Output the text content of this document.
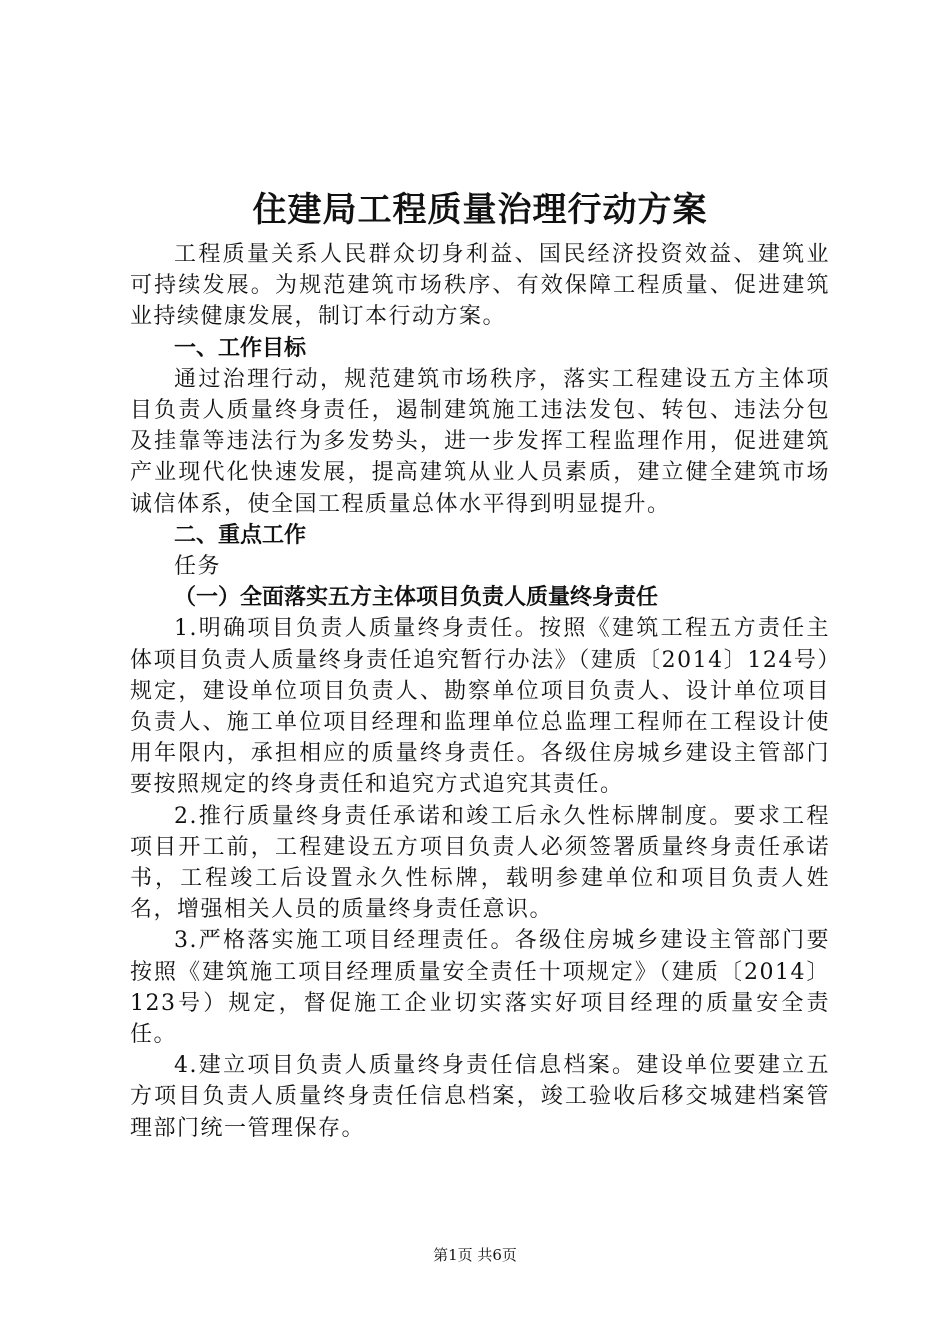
住建局工程质量治理行动方案

工程质量关系人民群众切身利益、国民经济投资效益、建筑业可持续发展。为规范建筑市场秩序、有效保障工程质量、促进建筑业持续健康发展，制订本行动方案。

一、工作目标

通过治理行动，规范建筑市场秩序，落实工程建设五方主体项目负责人质量终身责任，遏制建筑施工违法发包、转包、违法分包及挂靠等违法行为多发势头，进一步发挥工程监理作用，促进建筑产业现代化快速发展，提高建筑从业人员素质，建立健全建筑市场诚信体系，使全国工程质量总体水平得到明显提升。

二、重点工作

任务

（一）全面落实五方主体项目负责人质量终身责任

1.明确项目负责人质量终身责任。按照《建筑工程五方责任主体项目负责人质量终身责任追究暂行办法》（建质〔2014〕124号）规定，建设单位项目负责人、勘察单位项目负责人、设计单位项目负责人、施工单位项目经理和监理单位总监理工程师在工程设计使用年限内，承担相应的质量终身责任。各级住房城乡建设主管部门要按照规定的终身责任和追究方式追究其责任。

2.推行质量终身责任承诺和竣工后永久性标牌制度。要求工程项目开工前，工程建设五方项目负责人必须签署质量终身责任承诺书，工程竣工后设置永久性标牌，载明参建单位和项目负责人姓名，增强相关人员的质量终身责任意识。

3.严格落实施工项目经理责任。各级住房城乡建设主管部门要按照《建筑施工项目经理质量安全责任十项规定》（建质〔2014〕123号）规定，督促施工企业切实落实好项目经理的质量安全责任。

4.建立项目负责人质量终身责任信息档案。建设单位要建立五方项目负责人质量终身责任信息档案，竣工验收后移交城建档案管理部门统一管理保存。

第1页 共6页
